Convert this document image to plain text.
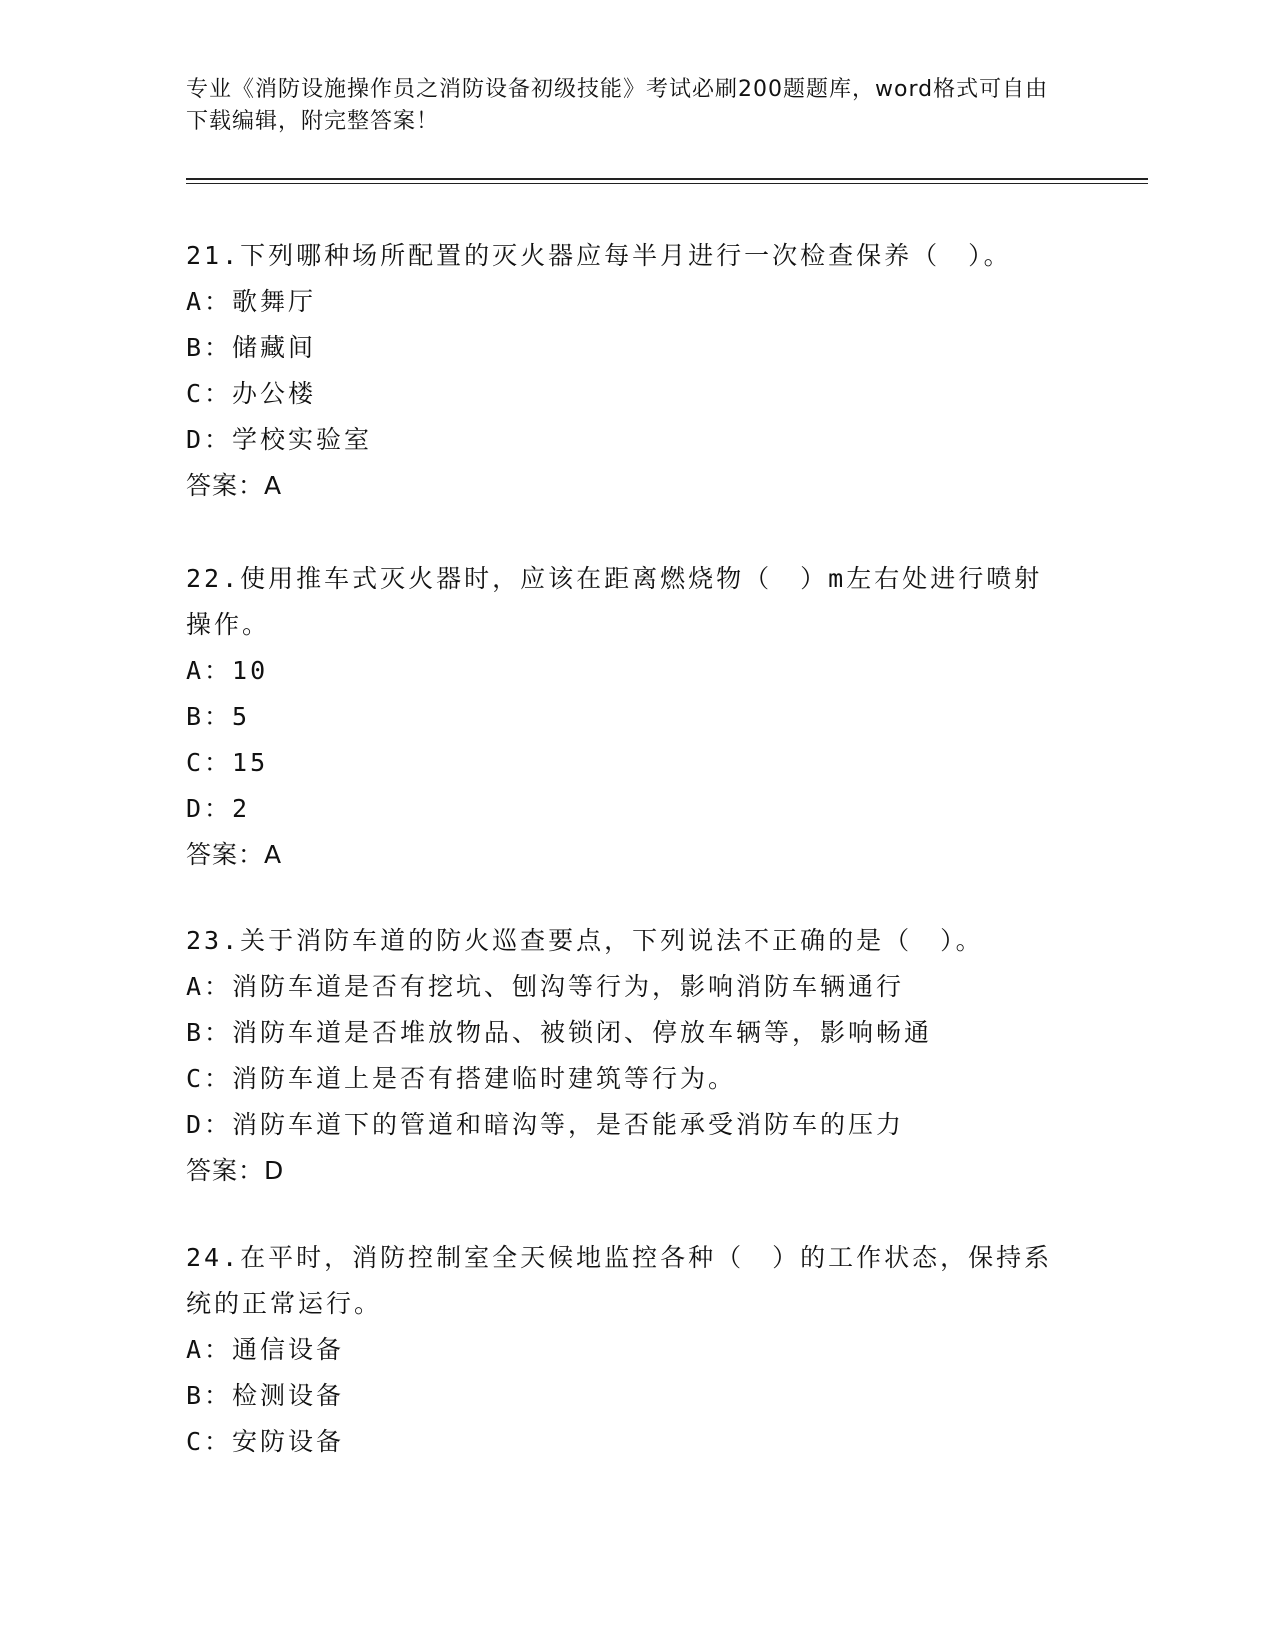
专业《消防设施操作员之消防设备初级技能》考试必刷200题题库，word格式可自由下载编辑，附完整答案！
21.下列哪种场所配置的灭火器应每半月进行一次检查保养（　）。
A：歌舞厅
B：储藏间
C：办公楼
D：学校实验室
答案：A
22.使用推车式灭火器时，应该在距离燃烧物（　）m左右处进行喷射操作。
A：10
B：5
C：15
D：2
答案：A
23.关于消防车道的防火巡查要点，下列说法不正确的是（　）。
A：消防车道是否有挖坑、刨沟等行为，影响消防车辆通行
B：消防车道是否堆放物品、被锁闭、停放车辆等，影响畅通
C：消防车道上是否有搭建临时建筑等行为。
D：消防车道下的管道和暗沟等，是否能承受消防车的压力
答案：D
24.在平时，消防控制室全天候地监控各种（　）的工作状态，保持系统的正常运行。
A：通信设备
B：检测设备
C：安防设备
